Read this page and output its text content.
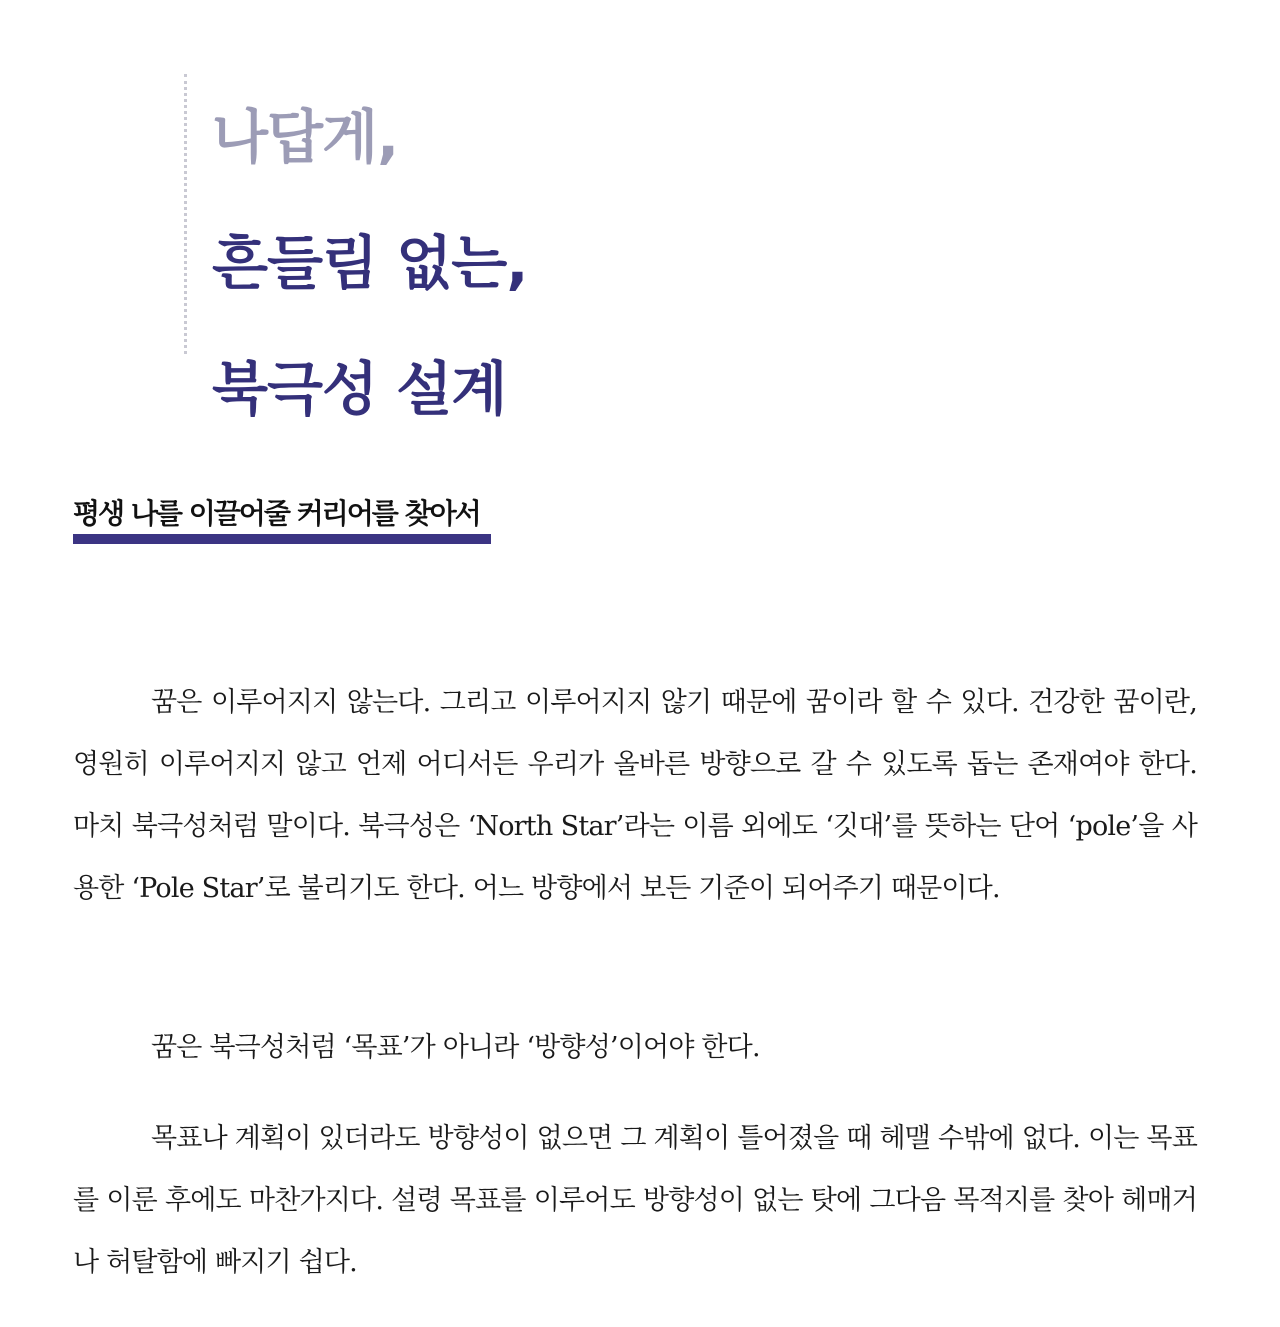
나답게,
흔들림 없는,
북극성 설계
평생 나를 이끌어줄 커리어를 찾아서

꿈은 이루어지지 않는다. 그리고 이루어지지 않기 때문에 꿈이라 할 수 있다. 건강한 꿈이란, 영원히 이루어지지 않고 언제 어디서든 우리가 올바른 방향으로 갈 수 있도록 돕는 존재여야 한다. 마치 북극성처럼 말이다. 북극성은 ‘North Star’라는 이름 외에도 ‘깃대’를 뜻하는 단어 ‘pole’을 사용한 ‘Pole Star’로 불리기도 한다. 어느 방향에서 보든 기준이 되어주기 때문이다.

꿈은 북극성처럼 ‘목표’가 아니라 ‘방향성’이어야 한다.

목표나 계획이 있더라도 방향성이 없으면 그 계획이 틀어졌을 때 헤맬 수밖에 없다. 이는 목표를 이룬 후에도 마찬가지다. 설령 목표를 이루어도 방향성이 없는 탓에 그다음 목적지를 찾아 헤매거나 허탈함에 빠지기 쉽다.
